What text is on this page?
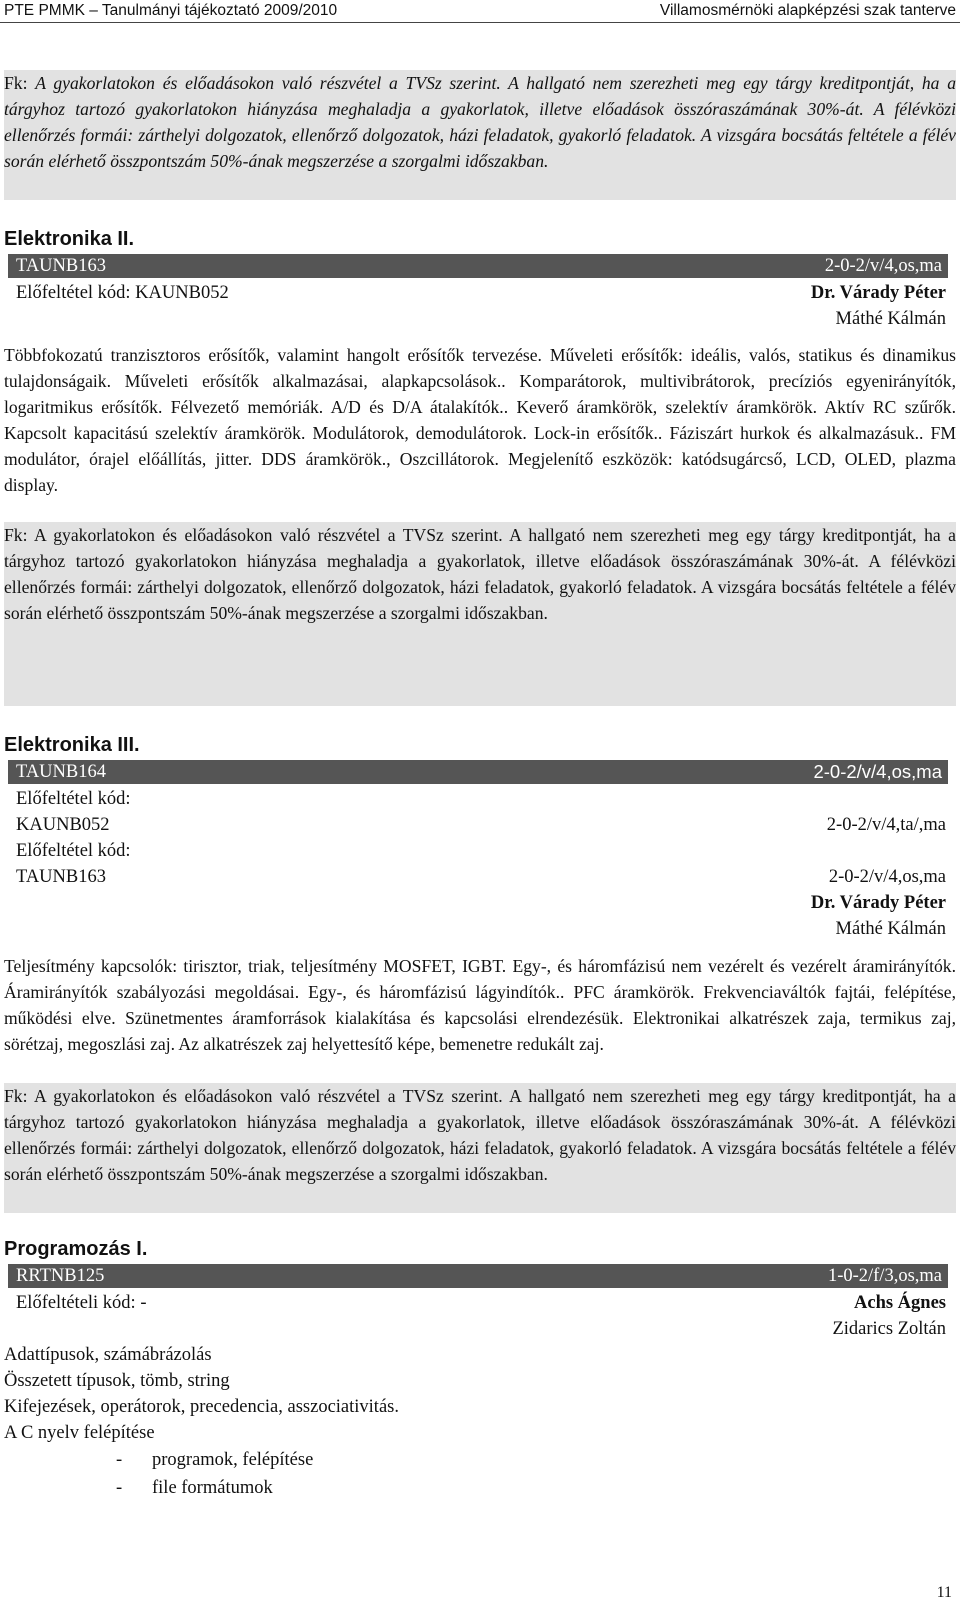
PTE PMMK – Tanulmányi tájékoztató 2009/2010	Villamosmérnöki alapképzési szak tanterve
Fk: A gyakorlatokon és előadásokon való részvétel a TVSz szerint. A hallgató nem szerezheti meg egy tárgy kreditpontját, ha a tárgyhoz tartozó gyakorlatokon hiányzása meghaladja a gyakorlatok, illetve előadások összóraszámának 30%-át. A félévközi ellenőrzés formái: zárthelyi dolgozatok, ellenőrző dolgozatok, házi feladatok, gyakorló feladatok. A vizsgára bocsátás feltétele a félév során elérhető összpontszám 50%-ának megszerzése a szorgalmi időszakban.
Elektronika II.
TAUNB163	2-0-2/v/4,os,ma
Előfeltétel kód: KAUNB052	Dr. Várady Péter
Máthé Kálmán
Többfokozatú tranzisztoros erősítők, valamint hangolt erősítők tervezése. Műveleti erősítők: ideális, valós, statikus és dinamikus tulajdonságaik. Műveleti erősítők alkalmazásai, alapkapcsolások.. Komparátorok, multivibrátorok, precíziós egyenirányítók, logaritmikus erősítők. Félvezető memóriák. A/D és D/A átalakítók.. Keverő áramkörök, szelektív áramkörök. Aktív RC szűrők. Kapcsolt kapacitású szelektív áramkörök. Modulátorok, demodulátorok. Lock-in erősítők.. Fáziszárt hurkok és alkalmazásuk.. FM modulátor, órajel előállítás, jitter. DDS áramkörök., Oszcillátorok. Megjelenítő eszközök: katódsugárcső, LCD, OLED, plazma display.
Fk: A gyakorlatokon és előadásokon való részvétel a TVSz szerint. A hallgató nem szerezheti meg egy tárgy kreditpontját, ha a tárgyhoz tartozó gyakorlatokon hiányzása meghaladja a gyakorlatok, illetve előadások összóraszámának 30%-át. A félévközi ellenőrzés formái: zárthelyi dolgozatok, ellenőrző dolgozatok, házi feladatok, gyakorló feladatok. A vizsgára bocsátás feltétele a félév során elérhető összpontszám 50%-ának megszerzése a szorgalmi időszakban.
Elektronika III.
TAUNB164	2-0-2/v/4,os,ma
Előfeltétel kód:
KAUNB052	2-0-2/v/4,ta/,ma
Előfeltétel kód:
TAUNB163	2-0-2/v/4,os,ma
Dr. Várady Péter
Máthé Kálmán
Teljesítmény kapcsolók: tirisztor, triak, teljesítmény MOSFET, IGBT. Egy-, és háromfázisú nem vezérelt és vezérelt áramirányítók. Áramirányítók szabályozási megoldásai. Egy-, és háromfázisú lágyindítók.. PFC áramkörök. Frekvenciaváltók fajtái, felépítése, működési elve. Szünetmentes áramforrások kialakítása és kapcsolási elrendezésük. Elektronikai alkatrészek zaja, termikus zaj, sörétzaj, megoszlási zaj. Az alkatrészek zaj helyettesítő képe, bemenetre redukált zaj.
Fk: A gyakorlatokon és előadásokon való részvétel a TVSz szerint. A hallgató nem szerezheti meg egy tárgy kreditpontját, ha a tárgyhoz tartozó gyakorlatokon hiányzása meghaladja a gyakorlatok, illetve előadások összóraszámának 30%-át. A félévközi ellenőrzés formái: zárthelyi dolgozatok, ellenőrző dolgozatok, házi feladatok, gyakorló feladatok. A vizsgára bocsátás feltétele a félév során elérhető összpontszám 50%-ának megszerzése a szorgalmi időszakban.
Programozás I.
RRTNB125	1-0-2/f/3,os,ma
Előfeltételi kód: -	Achs Ágnes
Zidarics Zoltán
Adattípusok, számábrázolás
Összetett típusok, tömb, string
Kifejezések, operátorok, precedencia, asszociativitás.
A C nyelv felépítése
- programok, felépítése
- file formátumok
11
